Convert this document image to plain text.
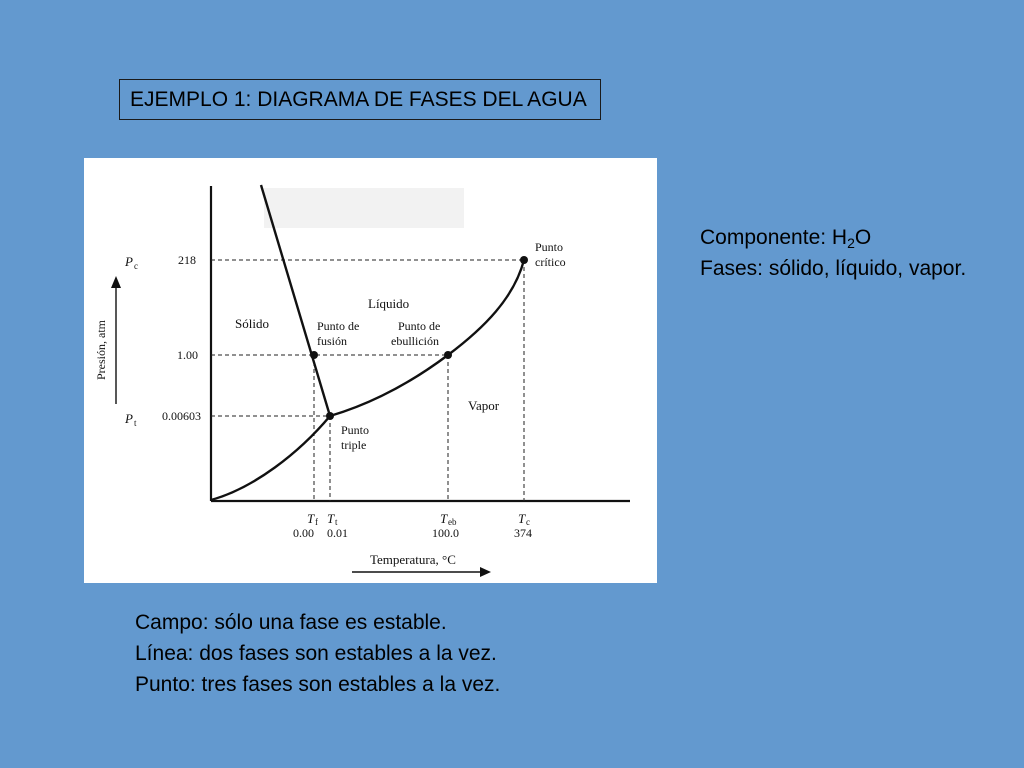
EJEMPLO 1: DIAGRAMA DE FASES DEL AGUA
Presión, atm
Temperatura, °C
P c	218
1.00
P t 0.00603
T f
0.00
T t
0.01
T eb
100.0
T c
374
Sólido
Líquido
Vapor
Punto
crítico
Punto de
fusión
Punto de
ebullición
Punto
triple
Componente: $H_2O$
Fases: sólido, líquido, vapor.
Campo: sólo una fase es estable.
Línea: dos fases son estables a la vez.
Punto: tres fases son estables a la vez.
